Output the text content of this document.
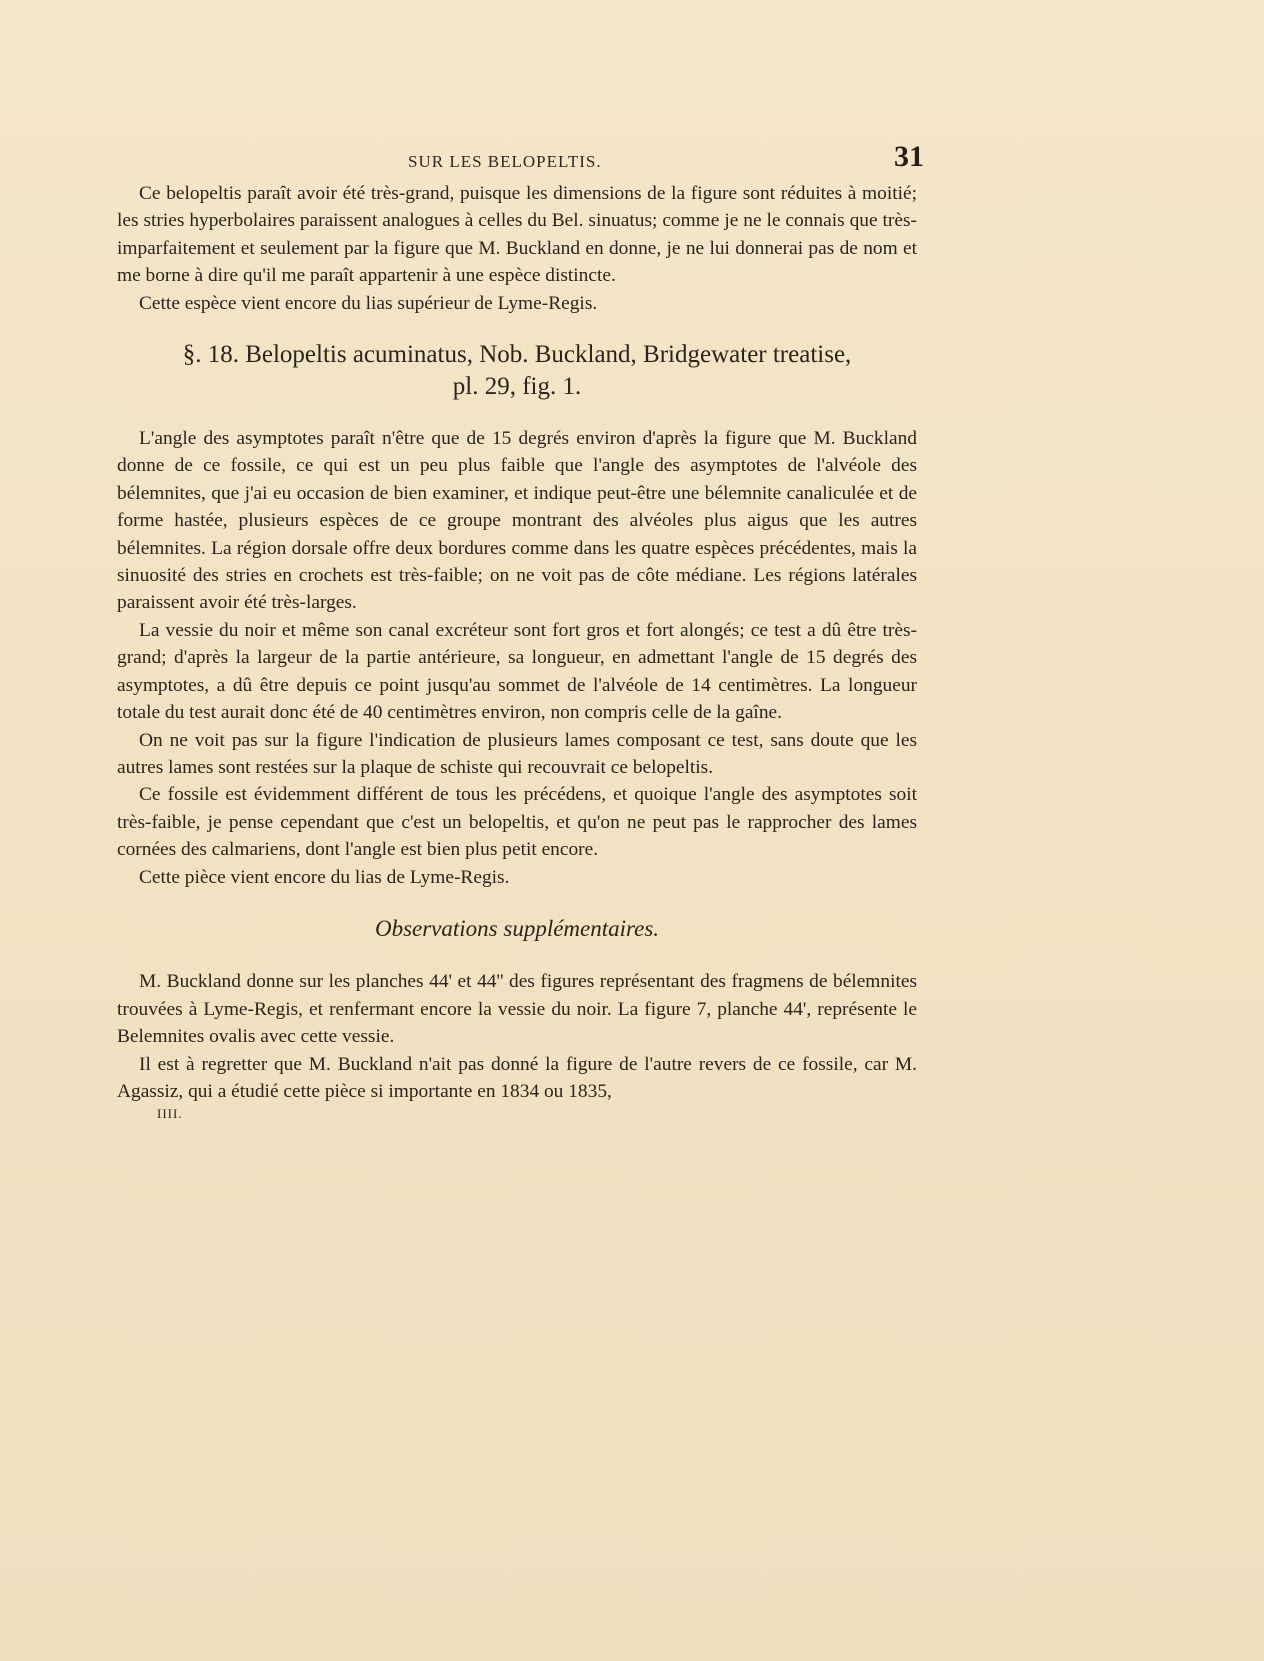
SUR LES BELOPELTIS.	31

Ce belopeltis paraît avoir été très-grand, puisque les dimensions de la figure sont réduites à moitié; les stries hyperbolaires paraissent analogues à celles du Bel. sinuatus; comme je ne le connais que très-imparfaitement et seulement par la figure que M. Buckland en donne, je ne lui donnerai pas de nom et me borne à dire qu'il me paraît appartenir à une espèce distincte.

Cette espèce vient encore du lias supérieur de Lyme-Regis.

§. 18. Belopeltis acuminatus, Nob. Buckland, Bridgewater treatise,
pl. 29, fig. 1.

L'angle des asymptotes paraît n'être que de 15 degrés environ d'après la figure que M. Buckland donne de ce fossile, ce qui est un peu plus faible que l'angle des asymptotes de l'alvéole des bélemnites, que j'ai eu occasion de bien examiner, et indique peut-être une bélemnite canaliculée et de forme hastée, plusieurs espèces de ce groupe montrant des alvéoles plus aigus que les autres bélemnites. La région dorsale offre deux bordures comme dans les quatre espèces précédentes, mais la sinuosité des stries en crochets est très-faible; on ne voit pas de côte médiane. Les régions latérales paraissent avoir été très-larges.

La vessie du noir et même son canal excréteur sont fort gros et fort alongés; ce test a dû être très-grand; d'après la largeur de la partie antérieure, sa longueur, en admettant l'angle de 15 degrés des asymptotes, a dû être depuis ce point jusqu'au sommet de l'alvéole de 14 centimètres. La longueur totale du test aurait donc été de 40 centimètres environ, non compris celle de la gaîne.

On ne voit pas sur la figure l'indication de plusieurs lames composant ce test, sans doute que les autres lames sont restées sur la plaque de schiste qui recouvrait ce belopeltis.

Ce fossile est évidemment différent de tous les précédens, et quoique l'angle des asymptotes soit très-faible, je pense cependant que c'est un belopeltis, et qu'on ne peut pas le rapprocher des lames cornées des calmariens, dont l'angle est bien plus petit encore.

Cette pièce vient encore du lias de Lyme-Regis.

Observations supplémentaires.

M. Buckland donne sur les planches 44' et 44'' des figures représentant des fragmens de bélemnites trouvées à Lyme-Regis, et renfermant encore la vessie du noir. La figure 7, planche 44', représente le Belemnites ovalis avec cette vessie.

Il est à regretter que M. Buckland n'ait pas donné la figure de l'autre revers de ce fossile, car M. Agassiz, qui a étudié cette pièce si importante en 1834 ou 1835,

IIII.
